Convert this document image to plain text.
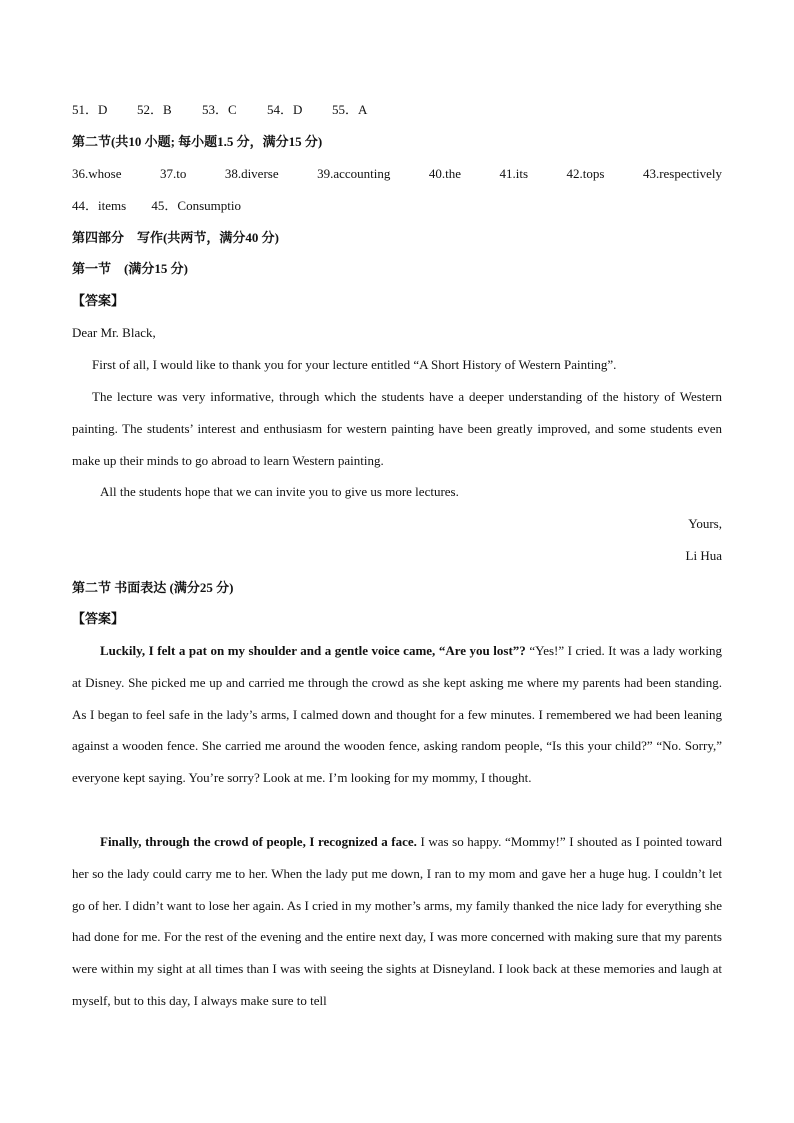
51．D	52．B	53．C	54．D	55．A
第二节(共10 小题; 每小题1.5 分，满分15 分)
36.whose	37.to	38.diverse	39.accounting	40.the	41.its	42.tops	43.respectively
44．items 45．Consumptio
第四部分　写作(共两节，满分40 分)
第一节　(满分15 分)
【答案】
Dear Mr. Black,
First of all, I would like to thank you for your lecture entitled “A Short History of Western Painting”.
The lecture was very informative, through which the students have a deeper understanding of the history of Western painting. The students’ interest and enthusiasm for western painting have been greatly improved, and some students even make up their minds to go abroad to learn Western painting.
All the students hope that we can invite you to give us more lectures.
Yours,
Li Hua
第二节 书面表达 (满分25 分)
【答案】
Luckily, I felt a pat on my shoulder and a gentle voice came, “Are you lost”? “Yes!” I cried. It was a lady working at Disney. She picked me up and carried me through the crowd as she kept asking me where my parents had been standing. As I began to feel safe in the lady’s arms, I calmed down and thought for a few minutes. I remembered we had been leaning against a wooden fence. She carried me around the wooden fence, asking random people, “Is this your child?” “No. Sorry,” everyone kept saying. You’re sorry? Look at me. I’m looking for my mommy, I thought.
Finally, through the crowd of people, I recognized a face. I was so happy. “Mommy!” I shouted as I pointed toward her so the lady could carry me to her. When the lady put me down, I ran to my mom and gave her a huge hug. I couldn’t let go of her. I didn’t want to lose her again. As I cried in my mother’s arms, my family thanked the nice lady for everything she had done for me. For the rest of the evening and the entire next day, I was more concerned with making sure that my parents were within my sight at all times than I was with seeing the sights at Disneyland. I look back at these memories and laugh at myself, but to this day, I always make sure to tell
